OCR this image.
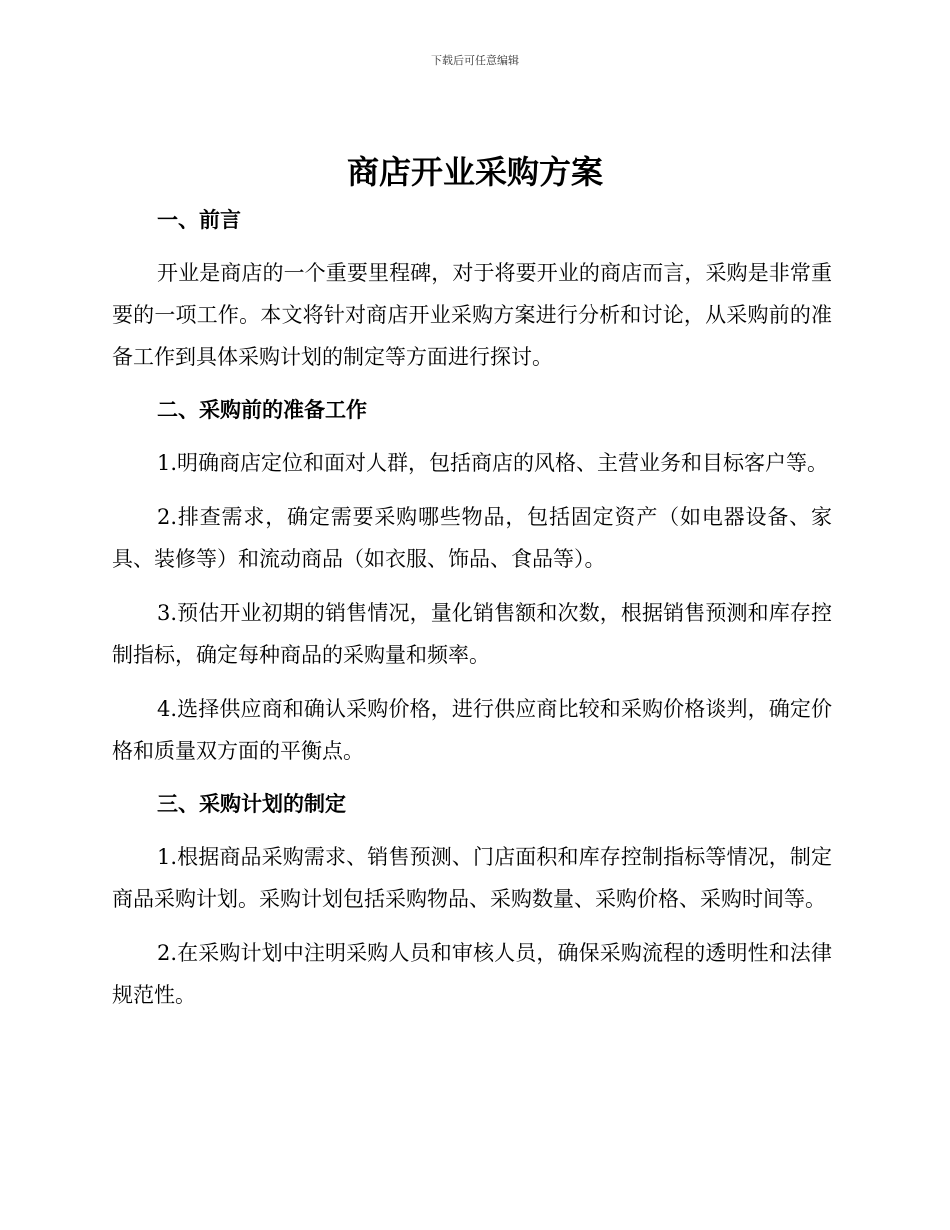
下载后可任意编辑
商店开业采购方案
一、前言

开业是商店的一个重要里程碑，对于将要开业的商店而言，采购是非常重要的一项工作。本文将针对商店开业采购方案进行分析和讨论，从采购前的准备工作到具体采购计划的制定等方面进行探讨。

二、采购前的准备工作

1.明确商店定位和面对人群，包括商店的风格、主营业务和目标客户等。

2.排查需求，确定需要采购哪些物品，包括固定资产（如电器设备、家具、装修等）和流动商品（如衣服、饰品、食品等）。

3.预估开业初期的销售情况，量化销售额和次数，根据销售预测和库存控制指标，确定每种商品的采购量和频率。

4.选择供应商和确认采购价格，进行供应商比较和采购价格谈判，确定价格和质量双方面的平衡点。

三、采购计划的制定

1.根据商品采购需求、销售预测、门店面积和库存控制指标等情况，制定商品采购计划。采购计划包括采购物品、采购数量、采购价格、采购时间等。

2.在采购计划中注明采购人员和审核人员，确保采购流程的透明性和法律规范性。
